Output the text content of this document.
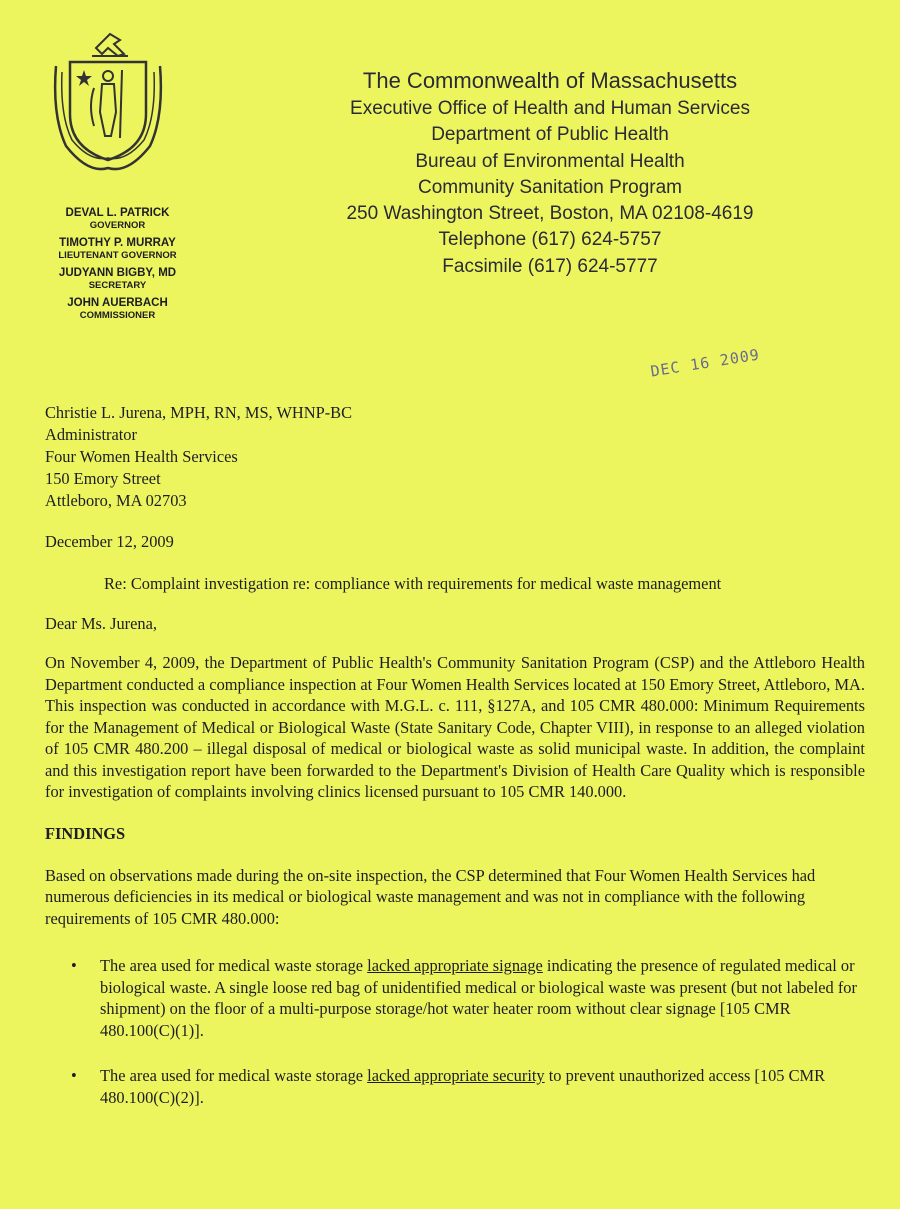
DEVAL L. PATRICK
GOVERNOR
TIMOTHY P. MURRAY
LIEUTENANT GOVERNOR
JUDYANN BIGBY, MD
SECRETARY
JOHN AUERBACH
COMMISSIONER
The Commonwealth of Massachusetts
Executive Office of Health and Human Services
Department of Public Health
Bureau of Environmental Health
Community Sanitation Program
250 Washington Street, Boston, MA 02108-4619
Telephone (617) 624-5757
Facsimile (617) 624-5777
DEC 16 2009
Christie L. Jurena, MPH, RN, MS, WHNP-BC
Administrator
Four Women Health Services
150 Emory Street
Attleboro, MA 02703
December 12, 2009
Re: Complaint investigation re: compliance with requirements for medical waste management
Dear Ms. Jurena,
On November 4, 2009, the Department of Public Health's Community Sanitation Program (CSP) and the Attleboro Health Department conducted a compliance inspection at Four Women Health Services located at 150 Emory Street, Attleboro, MA. This inspection was conducted in accordance with M.G.L. c. 111, §127A, and 105 CMR 480.000: Minimum Requirements for the Management of Medical or Biological Waste (State Sanitary Code, Chapter VIII), in response to an alleged violation of 105 CMR 480.200 – illegal disposal of medical or biological waste as solid municipal waste. In addition, the complaint and this investigation report have been forwarded to the Department's Division of Health Care Quality which is responsible for investigation of complaints involving clinics licensed pursuant to 105 CMR 140.000.
FINDINGS
Based on observations made during the on-site inspection, the CSP determined that Four Women Health Services had numerous deficiencies in its medical or biological waste management and was not in compliance with the following requirements of 105 CMR 480.000:
• The area used for medical waste storage lacked appropriate signage indicating the presence of regulated medical or biological waste. A single loose red bag of unidentified medical or biological waste was present (but not labeled for shipment) on the floor of a multi-purpose storage/hot water heater room without clear signage [105 CMR 480.100(C)(1)].
• The area used for medical waste storage lacked appropriate security to prevent unauthorized access [105 CMR 480.100(C)(2)].
